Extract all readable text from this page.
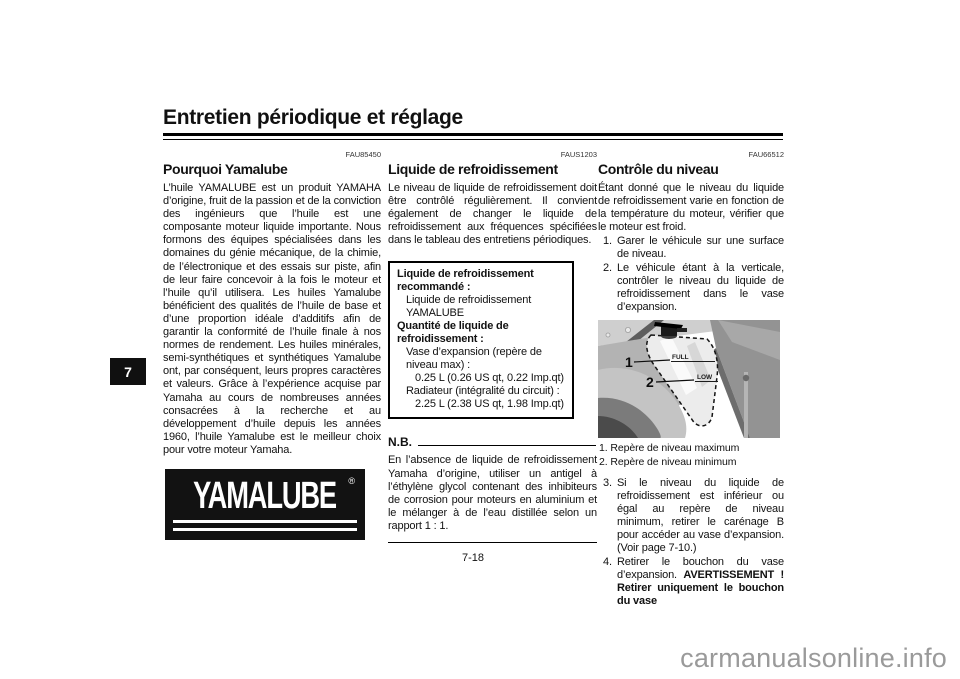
Entretien périodique et réglage
7
FAU85450
Pourquoi Yamalube

L’huile YAMALUBE est un produit YAMAHA d’origine, fruit de la passion et de la conviction des ingénieurs que l’huile est une composante moteur liquide importante. Nous formons des équipes spécialisées dans les domaines du génie mécanique, de la chimie, de l’électronique et des essais sur piste, afin de leur faire concevoir à la fois le moteur et l’huile qu’il utilisera. Les huiles Yamalube bénéficient des qualités de l’huile de base et d’une proportion idéale d’additifs afin de garantir la conformité de l’huile finale à nos normes de rendement. Les huiles minérales, semi-synthétiques et synthétiques Yamalube ont, par conséquent, leurs propres caractères et valeurs. Grâce à l’expérience acquise par Yamaha au cours de nombreuses années consacrées à la recherche et au développement d’huile depuis les années 1960, l’huile Yamalube est le meilleur choix pour votre moteur Yamaha.

YAMALUBE ®
FAUS1203
Liquide de refroidissement

Le niveau de liquide de refroidissement doit être contrôlé régulièrement. Il convient également de changer le liquide de refroidissement aux fréquences spécifiées dans le tableau des entretiens périodiques.

Liquide de refroidissement recommandé :
Liquide de refroidissement
YAMALUBE
Quantité de liquide de refroidissement :
Vase d’expansion (repère de niveau max) :
0.25 L (0.26 US qt, 0.22 Imp.qt)
Radiateur (intégralité du circuit) :
2.25 L (2.38 US qt, 1.98 Imp.qt)
N.B.

En l’absence de liquide de refroidissement Yamaha d’origine, utiliser un antigel à l’éthylène glycol contenant des inhibiteurs de corrosion pour moteurs en aluminium et le mélanger à de l’eau distillée selon un rapport 1 : 1.

FAU66512
Contrôle du niveau

Étant donné que le niveau du liquide de refroidissement varie en fonction de la température du moteur, vérifier que le moteur est froid.

1. Garer le véhicule sur une surface de niveau.
2. Le véhicule étant à la verticale, contrôler le niveau du liquide de refroidissement dans le vase d’expansion.
FULL
LOW
1
2
1. Repère de niveau maximum
2. Repère de niveau minimum
3. Si le niveau du liquide de refroidissement est inférieur ou égal au repère de niveau minimum, retirer le carénage B pour accéder au vase d’expansion. (Voir page 7-10.)
4. Retirer le bouchon du vase d’expansion. AVERTISSEMENT ! Retirer uniquement le bouchon du vase
7-18
carmanualsonline.info
